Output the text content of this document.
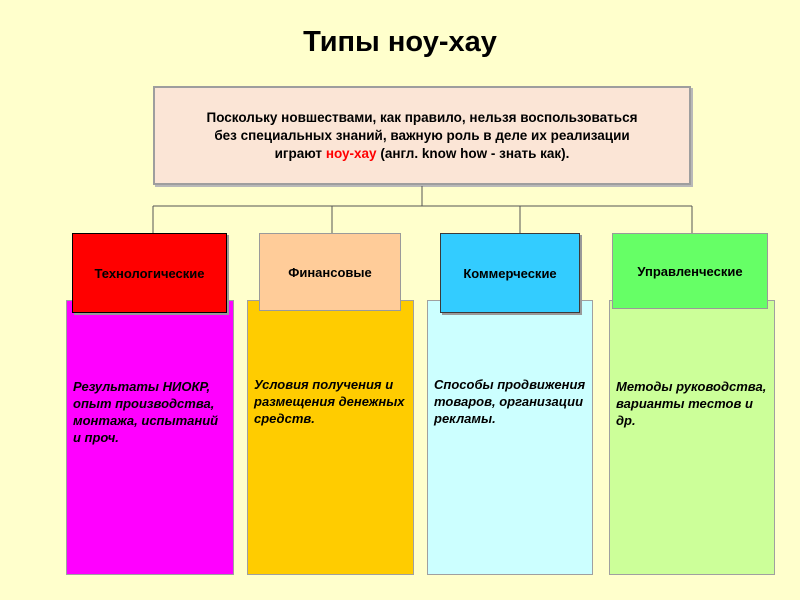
Типы ноу-хау
Поскольку новшествами, как правило, нельзя воспользоваться
без специальных знаний, важную роль в деле их реализации
играют ноу-хау (англ. know how - знать как).
Технологические
Результаты НИОКР, опыт производства, монтажа, испытаний и проч.
Финансовые
Условия получения и размещения денежных средств.
Коммерческие
Способы продвижения товаров, организации рекламы.
Управленческие
Методы руководства, варианты тестов и др.
